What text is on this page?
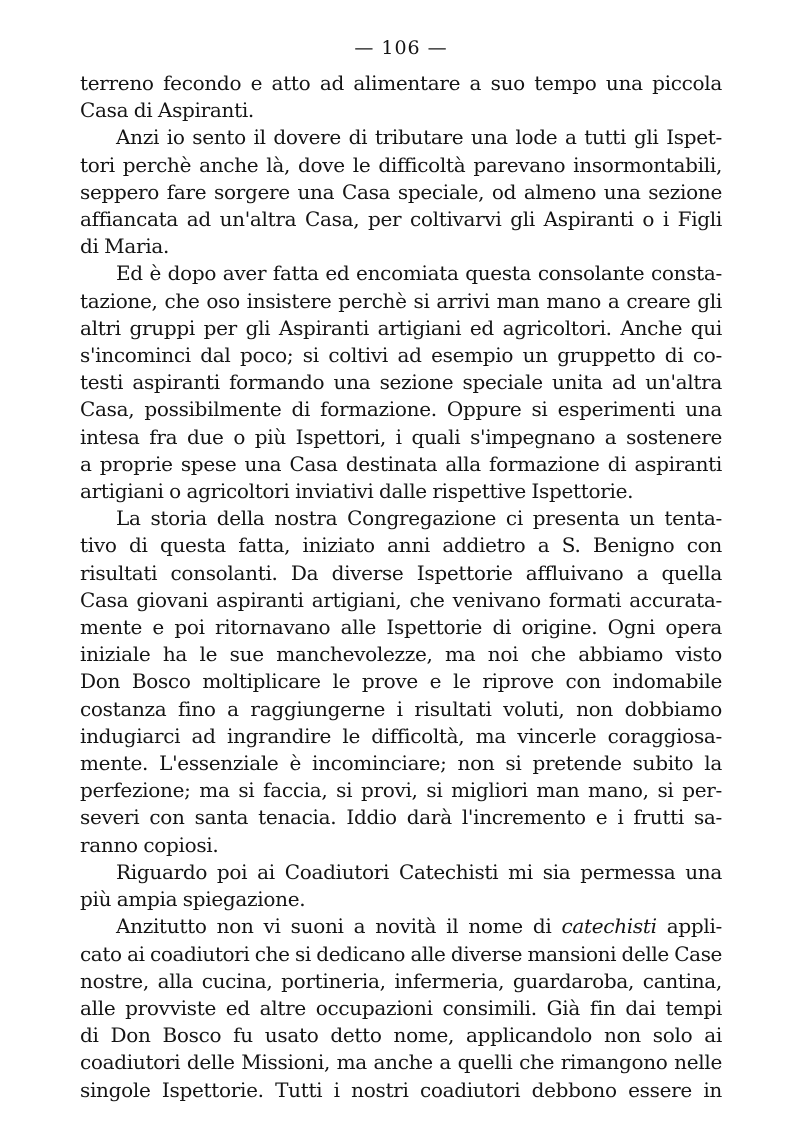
— 106 —
terreno fecondo e atto ad alimentare a suo tempo una piccola
Casa di Aspiranti.
Anzi io sento il dovere di tributare una lode a tutti gli Ispet-
tori perchè anche là, dove le difficoltà parevano insormontabili,
seppero fare sorgere una Casa speciale, od almeno una sezione
affiancata ad un'altra Casa, per coltivarvi gli Aspiranti o i Figli
di Maria.
Ed è dopo aver fatta ed encomiata questa consolante consta-
tazione, che oso insistere perchè si arrivi man mano a creare gli
altri gruppi per gli Aspiranti artigiani ed agricoltori. Anche qui
s'incominci dal poco; si coltivi ad esempio un gruppetto di co-
testi aspiranti formando una sezione speciale unita ad un'altra
Casa, possibilmente di formazione. Oppure si esperimenti una
intesa fra due o più Ispettori, i quali s'impegnano a sostenere
a proprie spese una Casa destinata alla formazione di aspiranti
artigiani o agricoltori inviativi dalle rispettive Ispettorie.
La storia della nostra Congregazione ci presenta un tenta-
tivo di questa fatta, iniziato anni addietro a S. Benigno con
risultati consolanti. Da diverse Ispettorie affluivano a quella
Casa giovani aspiranti artigiani, che venivano formati accurata-
mente e poi ritornavano alle Ispettorie di origine. Ogni opera
iniziale ha le sue manchevolezze, ma noi che abbiamo visto
Don Bosco moltiplicare le prove e le riprove con indomabile
costanza fino a raggiungerne i risultati voluti, non dobbiamo
indugiarci ad ingrandire le difficoltà, ma vincerle coraggiosa-
mente. L'essenziale è incominciare; non si pretende subito la
perfezione; ma si faccia, si provi, si migliori man mano, si per-
severi con santa tenacia. Iddio darà l'incremento e i frutti sa-
ranno copiosi.
Riguardo poi ai Coadiutori Catechisti mi sia permessa una
più ampia spiegazione.
Anzitutto non vi suoni a novità il nome di catechisti appli-
cato ai coadiutori che si dedicano alle diverse mansioni delle Case
nostre, alla cucina, portineria, infermeria, guardaroba, cantina,
alle provviste ed altre occupazioni consimili. Già fin dai tempi
di Don Bosco fu usato detto nome, applicandolo non solo ai
coadiutori delle Missioni, ma anche a quelli che rimangono nelle
singole Ispettorie. Tutti i nostri coadiutori debbono essere in
